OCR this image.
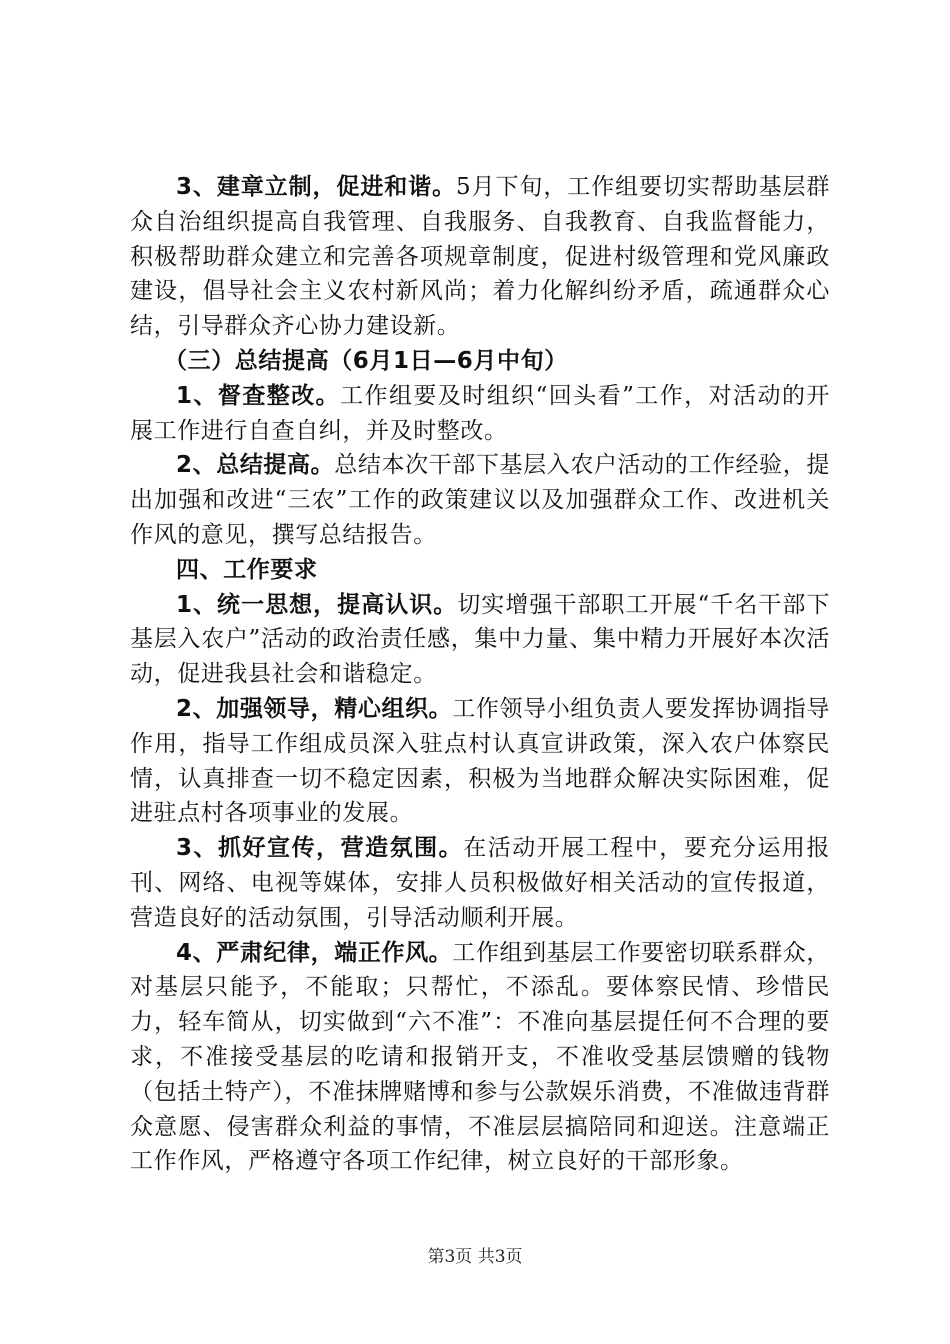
3、建章立制，促进和谐。5月下旬，工作组要切实帮助基层群众自治组织提高自我管理、自我服务、自我教育、自我监督能力，积极帮助群众建立和完善各项规章制度，促进村级管理和党风廉政建设，倡导社会主义农村新风尚；着力化解纠纷矛盾，疏通群众心结，引导群众齐心协力建设新。

（三）总结提高（6月1日—6月中旬）

1、督查整改。工作组要及时组织“回头看”工作，对活动的开展工作进行自查自纠，并及时整改。

2、总结提高。总结本次干部下基层入农户活动的工作经验，提出加强和改进“三农”工作的政策建议以及加强群众工作、改进机关作风的意见，撰写总结报告。

四、工作要求

1、统一思想，提高认识。切实增强干部职工开展“千名干部下基层入农户”活动的政治责任感，集中力量、集中精力开展好本次活动，促进我县社会和谐稳定。

2、加强领导，精心组织。工作领导小组负责人要发挥协调指导作用，指导工作组成员深入驻点村认真宣讲政策，深入农户体察民情，认真排查一切不稳定因素，积极为当地群众解决实际困难，促进驻点村各项事业的发展。

3、抓好宣传，营造氛围。在活动开展工程中，要充分运用报刊、网络、电视等媒体，安排人员积极做好相关活动的宣传报道，营造良好的活动氛围，引导活动顺利开展。

4、严肃纪律，端正作风。工作组到基层工作要密切联系群众，对基层只能予，不能取；只帮忙，不添乱。要体察民情、珍惜民力，轻车简从，切实做到“六不准”：不准向基层提任何不合理的要求，不准接受基层的吃请和报销开支，不准收受基层馈赠的钱物（包括土特产），不准抹牌赌博和参与公款娱乐消费，不准做违背群众意愿、侵害群众利益的事情，不准层层搞陪同和迎送。注意端正工作作风，严格遵守各项工作纪律，树立良好的干部形象。

第3页 共3页
